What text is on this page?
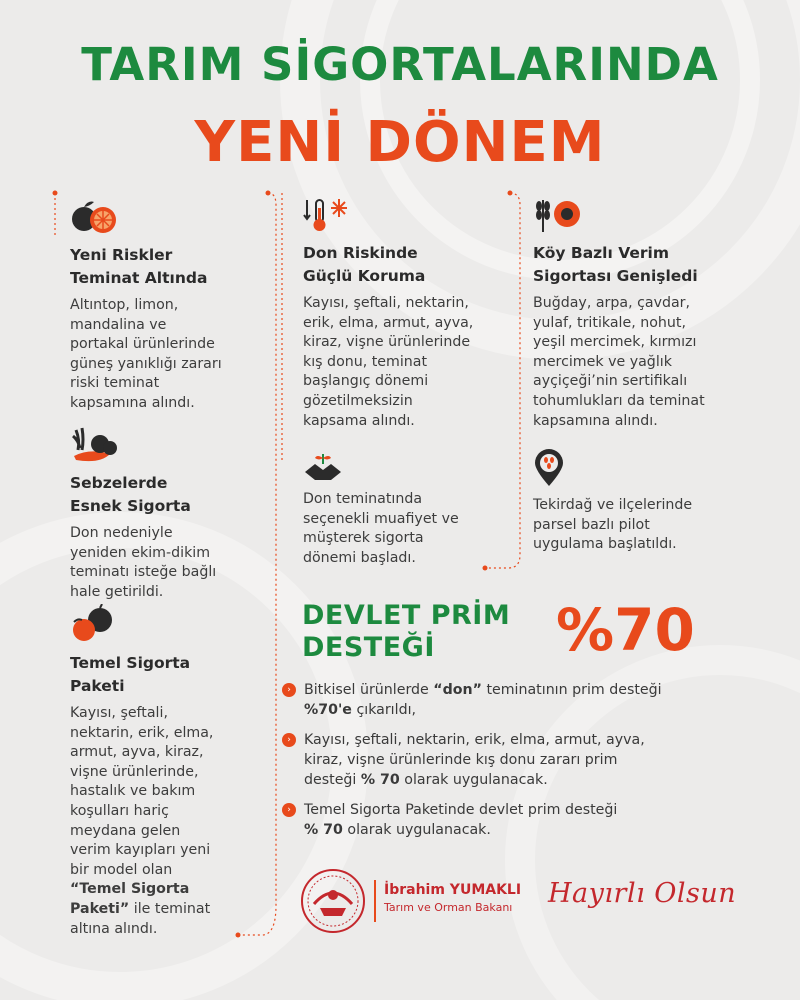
TARIM SİGORTALARINDA
YENİ DÖNEM
Yeni Riskler
Teminat Altında
Altıntop, limon,
mandalina ve
portakal ürünlerinde
güneş yanıklığı zararı
riski teminat
kapsamına alındı.
Sebzelerde
Esnek Sigorta
Don nedeniyle
yeniden ekim-dikim
teminatı isteğe bağlı
hale getirildi.
Temel Sigorta
Paketi
Kayısı, şeftali,
nektarin, erik, elma,
armut, ayva, kiraz,
vişne ürünlerinde,
hastalık ve bakım
koşulları hariç
meydana gelen
verim kayıpları yeni
bir model olan
“Temel Sigorta
Paketi” ile teminat
altına alındı.
Don Riskinde
Güçlü Koruma
Kayısı, şeftali, nektarin,
erik, elma, armut, ayva,
kiraz, vişne ürünlerinde
kış donu, teminat
başlangıç dönemi
gözetilmeksizin
kapsama alındı.
Don teminatında
seçenekli muafiyet ve
müşterek sigorta
dönemi başladı.
Köy Bazlı Verim
Sigortası Genişledi
Buğday, arpa, çavdar,
yulaf, tritikale, nohut,
yeşil mercimek, kırmızı
mercimek ve yağlık
ayçiçeği’nin sertifikalı
tohumlukları da teminat
kapsamına alındı.
Tekirdağ ve ilçelerinde
parsel bazlı pilot
uygulama başlatıldı.
DEVLET PRİM
DESTEĞİ	%70
› Bitkisel ürünlerde “don” teminatının prim desteği
%70'e çıkarıldı,
› Kayısı, şeftali, nektarin, erik, elma, armut, ayva,
kiraz, vişne ürünlerinde kış donu zararı prim
desteği % 70 olarak uygulanacak.
› Temel Sigorta Paketinde devlet prim desteği
% 70 olarak uygulanacak.
İbrahim YUMAKLI
Tarım ve Orman Bakanı	Hayırlı Olsun
